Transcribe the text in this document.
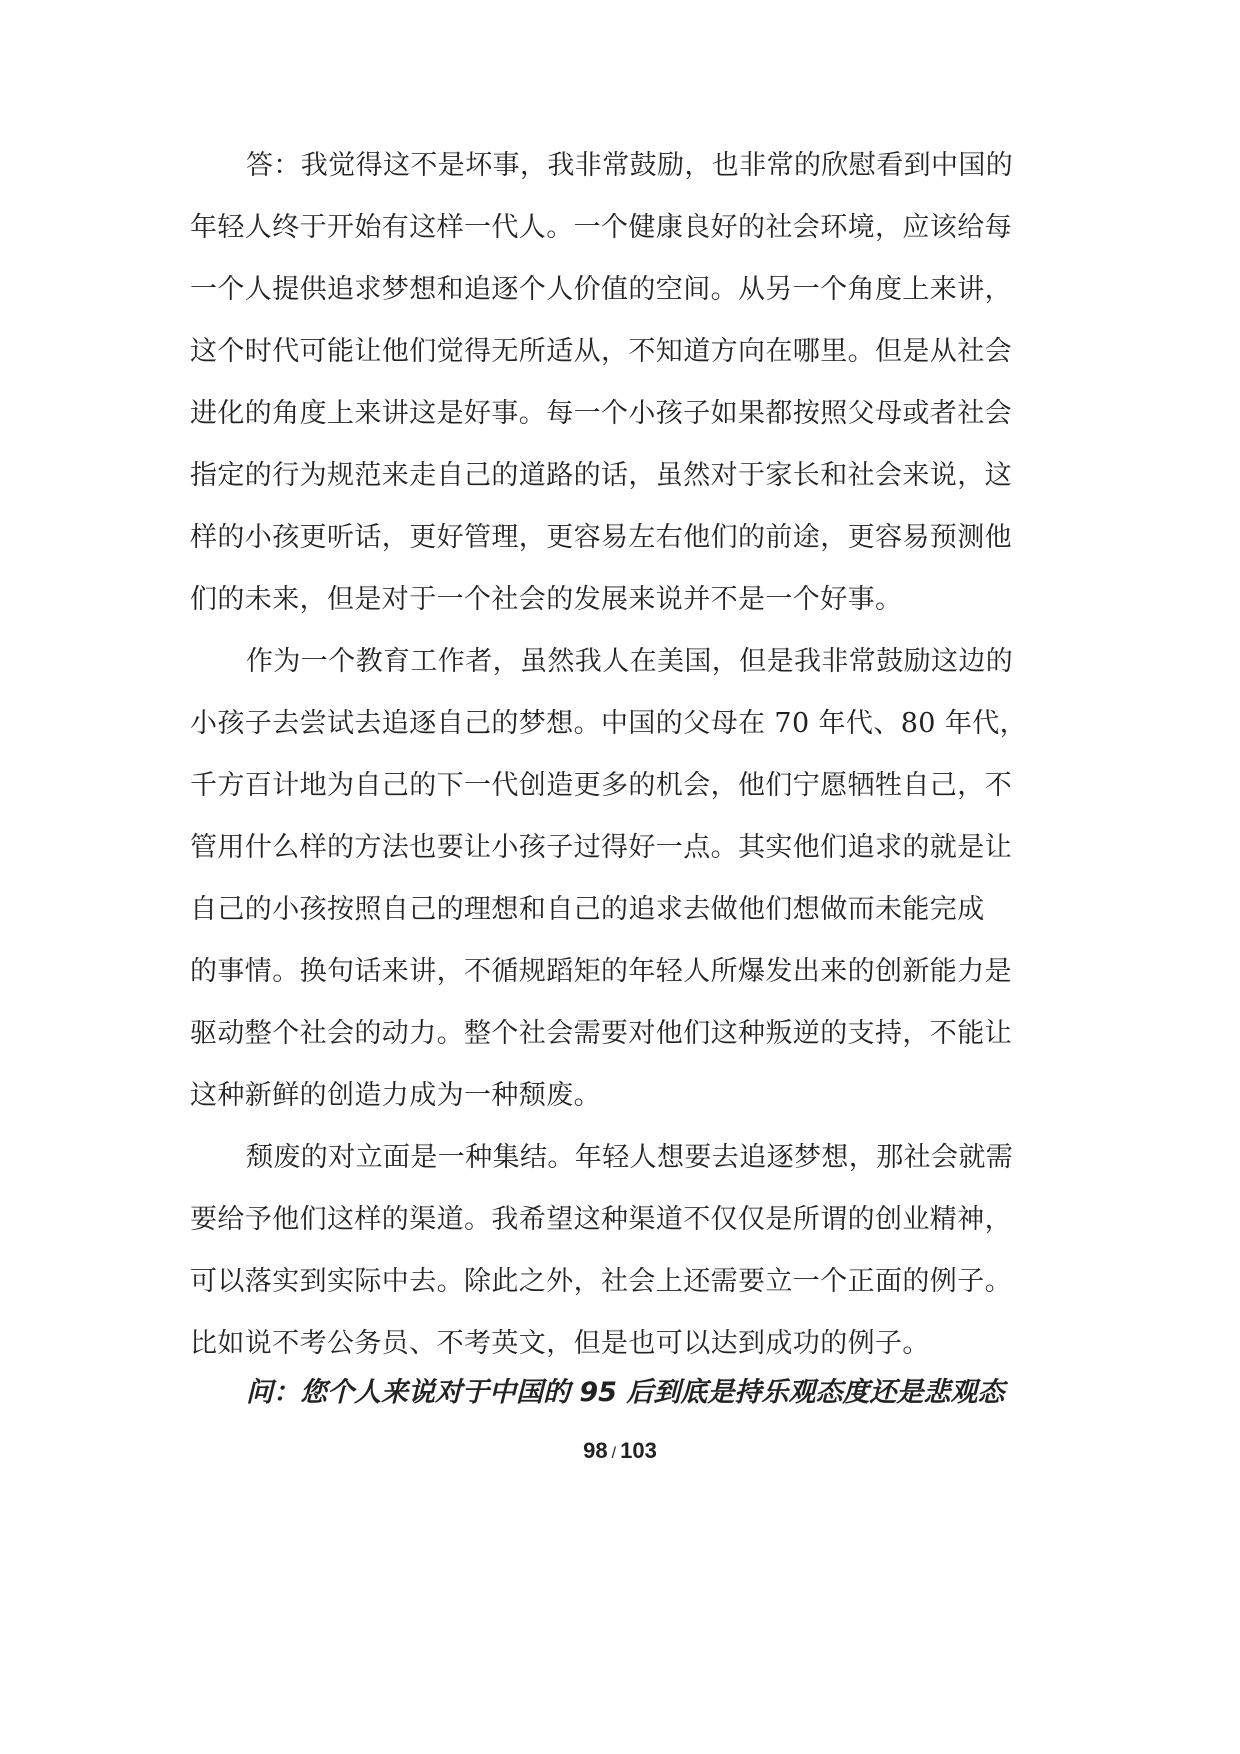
答：我觉得这不是坏事，我非常鼓励，也非常的欣慰看到中国的
年轻人终于开始有这样一代人。一个健康良好的社会环境，应该给每
一个人提供追求梦想和追逐个人价值的空间。从另一个角度上来讲，
这个时代可能让他们觉得无所适从，不知道方向在哪里。但是从社会
进化的角度上来讲这是好事。每一个小孩子如果都按照父母或者社会
指定的行为规范来走自己的道路的话，虽然对于家长和社会来说，这
样的小孩更听话，更好管理，更容易左右他们的前途，更容易预测他
们的未来，但是对于一个社会的发展来说并不是一个好事。
作为一个教育工作者，虽然我人在美国，但是我非常鼓励这边的
小孩子去尝试去追逐自己的梦想。中国的父母在 70 年代、80 年代，
千方百计地为自己的下一代创造更多的机会，他们宁愿牺牲自己，不
管用什么样的方法也要让小孩子过得好一点。其实他们追求的就是让
自己的小孩按照自己的理想和自己的追求去做他们想做而未能完成
的事情。换句话来讲，不循规蹈矩的年轻人所爆发出来的创新能力是
驱动整个社会的动力。整个社会需要对他们这种叛逆的支持，不能让
这种新鲜的创造力成为一种颓废。
颓废的对立面是一种集结。年轻人想要去追逐梦想，那社会就需
要给予他们这样的渠道。我希望这种渠道不仅仅是所谓的创业精神，
可以落实到实际中去。除此之外，社会上还需要立一个正面的例子。
比如说不考公务员、不考英文，但是也可以达到成功的例子。
问：您个人来说对于中国的 95 后到底是持乐观态度还是悲观态
98 / 103
